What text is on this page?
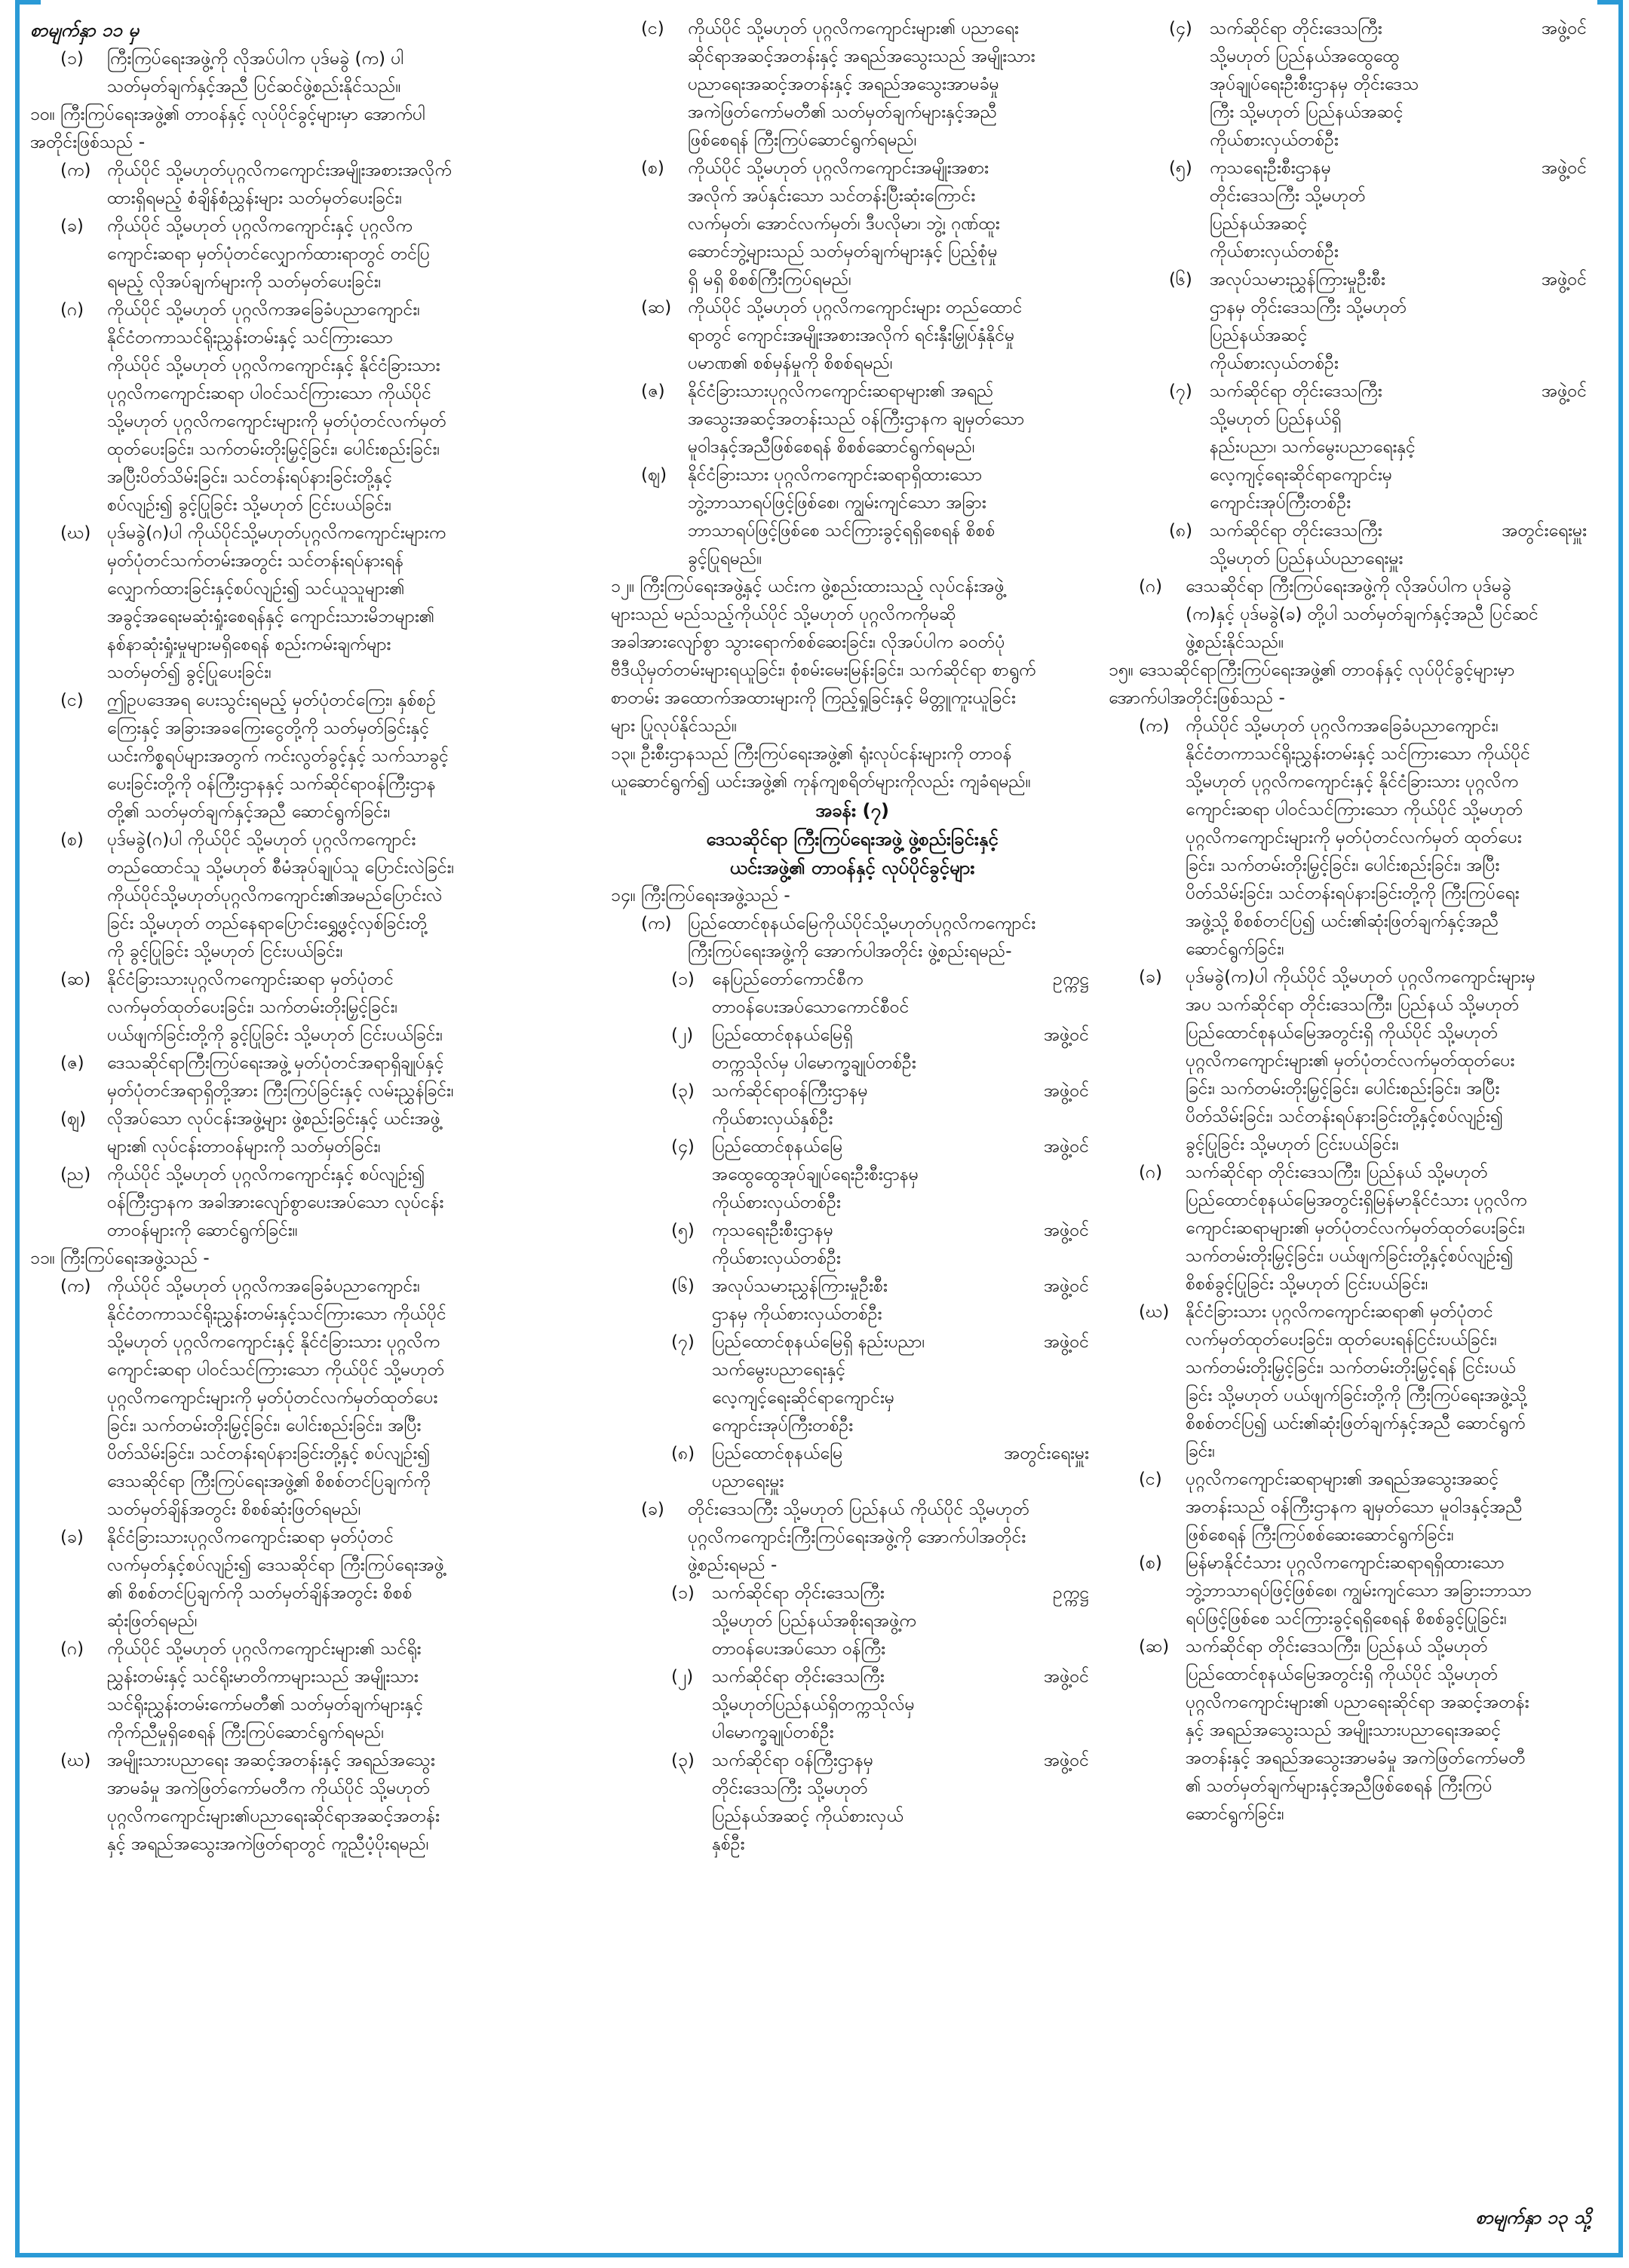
စာမျက်နှာ ၁၁ မှ
(၁)	ကြီးကြပ်ရေးအဖွဲ့ကို လိုအပ်ပါက ပုဒ်မခွဲ (က) ပါ
သတ်မှတ်ချက်နှင့်အညီ ပြင်ဆင်ဖွဲ့စည်းနိုင်သည်။
၁၀။ ကြီးကြပ်ရေးအဖွဲ့၏ တာဝန်နှင့် လုပ်ပိုင်ခွင့်များမှာ အောက်ပါ
အတိုင်းဖြစ်သည် -
(က) ကိုယ်ပိုင် သို့မဟုတ်ပုဂ္ဂလိကကျောင်းအမျိုးအစားအလိုက်
ထားရှိရမည့် စံချိန်စံညွှန်းများ သတ်မှတ်ပေးခြင်း၊
(ခ)	ကိုယ်ပိုင် သို့မဟုတ် ပုဂ္ဂလိကကျောင်းနှင့် ပုဂ္ဂလိက
ကျောင်းဆရာ မှတ်ပုံတင်လျှောက်ထားရာတွင် တင်ပြ
ရမည့် လိုအပ်ချက်များကို သတ်မှတ်ပေးခြင်း၊
(ဂ)	ကိုယ်ပိုင် သို့မဟုတ် ပုဂ္ဂလိကအခြေခံပညာကျောင်း၊
နိုင်ငံတကာသင်ရိုးညွှန်းတမ်းနှင့် သင်ကြားသော
ကိုယ်ပိုင် သို့မဟုတ် ပုဂ္ဂလိကကျောင်းနှင့် နိုင်ငံခြားသား
ပုဂ္ဂလိကကျောင်းဆရာ ပါဝင်သင်ကြားသော ကိုယ်ပိုင်
သို့မဟုတ် ပုဂ္ဂလိကကျောင်းများကို မှတ်ပုံတင်လက်မှတ်
ထုတ်ပေးခြင်း၊ သက်တမ်းတိုးမြှင့်ခြင်း၊ ပေါင်းစည်းခြင်း၊
အပြီးပိတ်သိမ်းခြင်း၊ သင်တန်းရပ်နားခြင်းတို့နှင့်
စပ်လျဉ်း၍ ခွင့်ပြုခြင်း သို့မဟုတ် ငြင်းပယ်ခြင်း၊
(ဃ) ပုဒ်မခွဲ(ဂ)ပါ ကိုယ်ပိုင်သို့မဟုတ်ပုဂ္ဂလိကကျောင်းများက
မှတ်ပုံတင်သက်တမ်းအတွင်း သင်တန်းရပ်နားရန်
လျှောက်ထားခြင်းနှင့်စပ်လျဉ်း၍ သင်ယူသူများ၏
အခွင့်အရေးမဆုံးရှုံးစေရန်နှင့် ကျောင်းသားမိဘများ၏
နစ်နာဆုံးရှုံးမှုများမရှိစေရန် စည်းကမ်းချက်များ
သတ်မှတ်၍ ခွင့်ပြုပေးခြင်း၊
(င)	ဤဥပဒေအရ ပေးသွင်းရမည့် မှတ်ပုံတင်ကြေး၊ နှစ်စဉ်
ကြေးနှင့် အခြားအခကြေးငွေတို့ကို သတ်မှတ်ခြင်းနှင့်
ယင်းကိစ္စရပ်များအတွက် ကင်းလွတ်ခွင့်နှင့် သက်သာခွင့်
ပေးခြင်းတို့ကို ဝန်ကြီးဌာနနှင့် သက်ဆိုင်ရာဝန်ကြီးဌာန
တို့၏ သတ်မှတ်ချက်နှင့်အညီ ဆောင်ရွက်ခြင်း၊
(စ)	ပုဒ်မခွဲ(ဂ)ပါ ကိုယ်ပိုင် သို့မဟုတ် ပုဂ္ဂလိကကျောင်း
တည်ထောင်သူ သို့မဟုတ် စီမံအုပ်ချုပ်သူ ပြောင်းလဲခြင်း၊
ကိုယ်ပိုင်သို့မဟုတ်ပုဂ္ဂလိကကျောင်း၏အမည်ပြောင်းလဲ
ခြင်း သို့မဟုတ် တည်နေရာပြောင်းရွှေ့ဖွင့်လှစ်ခြင်းတို့
ကို ခွင့်ပြုခြင်း သို့မဟုတ် ငြင်းပယ်ခြင်း၊
(ဆ) နိုင်ငံခြားသားပုဂ္ဂလိကကျောင်းဆရာ မှတ်ပုံတင်
လက်မှတ်ထုတ်ပေးခြင်း၊ သက်တမ်းတိုးမြှင့်ခြင်း၊
ပယ်ဖျက်ခြင်းတို့ကို ခွင့်ပြုခြင်း သို့မဟုတ် ငြင်းပယ်ခြင်း၊
(ဇ)	ဒေသဆိုင်ရာကြီးကြပ်ရေးအဖွဲ့ မှတ်ပုံတင်အရာရှိချုပ်နှင့်
မှတ်ပုံတင်အရာရှိတို့အား ကြီးကြပ်ခြင်းနှင့် လမ်းညွှန်ခြင်း၊
(ဈ)	လိုအပ်သော လုပ်ငန်းအဖွဲ့များ ဖွဲ့စည်းခြင်းနှင့် ယင်းအဖွဲ့
များ၏ လုပ်ငန်းတာဝန်များကို သတ်မှတ်ခြင်း၊
(ည) ကိုယ်ပိုင် သို့မဟုတ် ပုဂ္ဂလိကကျောင်းနှင့် စပ်လျဉ်း၍
ဝန်ကြီးဌာနက အခါအားလျော်စွာပေးအပ်သော လုပ်ငန်း
တာဝန်များကို ဆောင်ရွက်ခြင်း။
၁၁။ ကြီးကြပ်ရေးအဖွဲ့သည် -
(က) ကိုယ်ပိုင် သို့မဟုတ် ပုဂ္ဂလိကအခြေခံပညာကျောင်း၊
နိုင်ငံတကာသင်ရိုးညွှန်းတမ်းနှင့်သင်ကြားသော ကိုယ်ပိုင်
သို့မဟုတ် ပုဂ္ဂလိကကျောင်းနှင့် နိုင်ငံခြားသား ပုဂ္ဂလိက
ကျောင်းဆရာ ပါဝင်သင်ကြားသော ကိုယ်ပိုင် သို့မဟုတ်
ပုဂ္ဂလိကကျောင်းများကို မှတ်ပုံတင်လက်မှတ်ထုတ်ပေး
ခြင်း၊ သက်တမ်းတိုးမြှင့်ခြင်း၊ ပေါင်းစည်းခြင်း၊ အပြီး
ပိတ်သိမ်းခြင်း၊ သင်တန်းရပ်နားခြင်းတို့နှင့် စပ်လျဉ်း၍
ဒေသဆိုင်ရာ ကြီးကြပ်ရေးအဖွဲ့၏ စိစစ်တင်ပြချက်ကို
သတ်မှတ်ချိန်အတွင်း စိစစ်ဆုံးဖြတ်ရမည်၊
(ခ)	နိုင်ငံခြားသားပုဂ္ဂလိကကျောင်းဆရာ မှတ်ပုံတင်
လက်မှတ်နှင့်စပ်လျဉ်း၍ ဒေသဆိုင်ရာ ကြီးကြပ်ရေးအဖွဲ့
၏ စိစစ်တင်ပြချက်ကို သတ်မှတ်ချိန်အတွင်း စိစစ်
ဆုံးဖြတ်ရမည်၊
(ဂ)	ကိုယ်ပိုင် သို့မဟုတ် ပုဂ္ဂလိကကျောင်းများ၏ သင်ရိုး
ညွှန်းတမ်းနှင့် သင်ရိုးမာတိကာများသည် အမျိုးသား
သင်ရိုးညွှန်းတမ်းကော်မတီ၏ သတ်မှတ်ချက်များနှင့်
ကိုက်ညီမှုရှိစေရန် ကြီးကြပ်ဆောင်ရွက်ရမည်၊
(ဃ) အမျိုးသားပညာရေး အဆင့်အတန်းနှင့် အရည်အသွေး
အာမခံမှု အကဲဖြတ်ကော်မတီက ကိုယ်ပိုင် သို့မဟုတ်
ပုဂ္ဂလိကကျောင်းများ၏ပညာရေးဆိုင်ရာအဆင့်အတန်း
နှင့် အရည်အသွေးအကဲဖြတ်ရာတွင် ကူညီပံ့ပိုးရမည်၊
(င)	ကိုယ်ပိုင် သို့မဟုတ် ပုဂ္ဂလိကကျောင်းများ၏ ပညာရေး
ဆိုင်ရာအဆင့်အတန်းနှင့် အရည်အသွေးသည် အမျိုးသား
ပညာရေးအဆင့်အတန်းနှင့် အရည်အသွေးအာမခံမှု
အကဲဖြတ်ကော်မတီ၏ သတ်မှတ်ချက်များနှင့်အညီ
ဖြစ်စေရန် ကြီးကြပ်ဆောင်ရွက်ရမည်၊
(စ)	ကိုယ်ပိုင် သို့မဟုတ် ပုဂ္ဂလိကကျောင်းအမျိုးအစား
အလိုက် အပ်နှင်းသော သင်တန်းပြီးဆုံးကြောင်း
လက်မှတ်၊ အောင်လက်မှတ်၊ ဒီပလိုမာ၊ ဘွဲ့၊ ဂုဏ်ထူး
ဆောင်ဘွဲ့များသည် သတ်မှတ်ချက်များနှင့် ပြည့်စုံမှု
ရှိ မရှိ စိစစ်ကြီးကြပ်ရမည်၊
(ဆ) ကိုယ်ပိုင် သို့မဟုတ် ပုဂ္ဂလိကကျောင်းများ တည်ထောင်
ရာတွင် ကျောင်းအမျိုးအစားအလိုက် ရင်းနှီးမြှုပ်နှံနိုင်မှု
ပမာဏ၏ စစ်မှန်မှုကို စိစစ်ရမည်၊
(ဇ)	နိုင်ငံခြားသားပုဂ္ဂလိကကျောင်းဆရာများ၏ အရည်
အသွေးအဆင့်အတန်းသည် ဝန်ကြီးဌာနက ချမှတ်သော
မူဝါဒနှင့်အညီဖြစ်စေရန် စိစစ်ဆောင်ရွက်ရမည်၊
(ဈ)	နိုင်ငံခြားသား ပုဂ္ဂလိကကျောင်းဆရာရှိထားသော
ဘွဲ့ဘာသာရပ်ဖြင့်ဖြစ်စေ၊ ကျွမ်းကျင်သော အခြား
ဘာသာရပ်ဖြင့်ဖြစ်စေ သင်ကြားခွင့်ရရှိစေရန် စိစစ်
ခွင့်ပြုရမည်။
၁၂။ ကြီးကြပ်ရေးအဖွဲ့နှင့် ယင်းက ဖွဲ့စည်းထားသည့် လုပ်ငန်းအဖွဲ့
များသည် မည်သည့်ကိုယ်ပိုင် သို့မဟုတ် ပုဂ္ဂလိကကိုမဆို
အခါအားလျော်စွာ သွားရောက်စစ်ဆေးခြင်း၊ လိုအပ်ပါက ခဝတ်ပုံ
ဗီဒီယိုမှတ်တမ်းများရယူခြင်း၊ စုံစမ်းမေးမြန်းခြင်း၊ သက်ဆိုင်ရာ စာရွက်
စာတမ်း အထောက်အထားများကို ကြည့်ရှုခြင်းနှင့် မိတ္တူကူးယူခြင်း
များ ပြုလုပ်နိုင်သည်။
၁၃။ ဦးစီးဌာနသည် ကြီးကြပ်ရေးအဖွဲ့၏ ရုံးလုပ်ငန်းများကို တာဝန်
ယူဆောင်ရွက်၍ ယင်းအဖွဲ့၏ ကုန်ကျစရိတ်များကိုလည်း ကျခံရမည်။
အခန်း (၇)
ဒေသဆိုင်ရာ ကြီးကြပ်ရေးအဖွဲ့ ဖွဲ့စည်းခြင်းနှင့်
ယင်းအဖွဲ့၏ တာဝန်နှင့် လုပ်ပိုင်ခွင့်များ
၁၄။ ကြီးကြပ်ရေးအဖွဲ့သည် -
(က) ပြည်ထောင်စုနယ်မြေကိုယ်ပိုင်သို့မဟုတ်ပုဂ္ဂလိကကျောင်း
ကြီးကြပ်ရေးအဖွဲ့ကို အောက်ပါအတိုင်း ဖွဲ့စည်းရမည်-
(၁)	နေပြည်တော်ကောင်စီက
တာဝန်ပေးအပ်သောကောင်စီဝင်
ဥက္ကဋ္ဌ
(၂)	ပြည်ထောင်စုနယ်မြေရှိ
တက္ကသိုလ်မှ ပါမောက္ခချုပ်တစ်ဦး
အဖွဲ့ဝင်
(၃)	သက်ဆိုင်ရာဝန်ကြီးဌာနမှ
ကိုယ်စားလှယ်နှစ်ဦး
အဖွဲ့ဝင်
(၄)	ပြည်ထောင်စုနယ်မြေ
အထွေထွေအုပ်ချုပ်ရေးဦးစီးဌာနမှ
ကိုယ်စားလှယ်တစ်ဦး
အဖွဲ့ဝင်
(၅)	ကုသရေးဦးစီးဌာနမှ
ကိုယ်စားလှယ်တစ်ဦး
အဖွဲ့ဝင်
(၆)	အလုပ်သမားညွှန်ကြားမှုဦးစီး
ဌာနမှ ကိုယ်စားလှယ်တစ်ဦး
အဖွဲ့ဝင်
(၇)	ပြည်ထောင်စုနယ်မြေရှိ နည်းပညာ၊
သက်မွေးပညာရေးနှင့်
လေ့ကျင့်ရေးဆိုင်ရာကျောင်းမှ
ကျောင်းအုပ်ကြီးတစ်ဦး
အဖွဲ့ဝင်
(၈) ပြည်ထောင်စုနယ်မြေ
ပညာရေးမှူး
အတွင်းရေးမှူး
(ခ)	တိုင်းဒေသကြီး သို့မဟုတ် ပြည်နယ် ကိုယ်ပိုင် သို့မဟုတ်
ပုဂ္ဂလိကကျောင်းကြီးကြပ်ရေးအဖွဲ့ကို အောက်ပါအတိုင်း
ဖွဲ့စည်းရမည် -
(၁)	သက်ဆိုင်ရာ တိုင်းဒေသကြီး
သို့မဟုတ် ပြည်နယ်အစိုးရအဖွဲ့က
တာဝန်ပေးအပ်သော ဝန်ကြီး
ဥက္ကဋ္ဌ
(၂)	သက်ဆိုင်ရာ တိုင်းဒေသကြီး
သို့မဟုတ်ပြည်နယ်ရှိတက္ကသိုလ်မှ
ပါမောက္ခချုပ်တစ်ဦး
အဖွဲ့ဝင်
(၃)	သက်ဆိုင်ရာ ဝန်ကြီးဌာနမှ
တိုင်းဒေသကြီး သို့မဟုတ်
ပြည်နယ်အဆင့် ကိုယ်စားလှယ်
နှစ်ဦး
အဖွဲ့ဝင်
(၄)	သက်ဆိုင်ရာ တိုင်းဒေသကြီး
သို့မဟုတ် ပြည်နယ်အထွေထွေ
အုပ်ချုပ်ရေးဦးစီးဌာနမှ တိုင်းဒေသ
ကြီး သို့မဟုတ် ပြည်နယ်အဆင့်
ကိုယ်စားလှယ်တစ်ဦး
အဖွဲ့ဝင်
(၅)	ကုသရေးဦးစီးဌာနမှ
တိုင်းဒေသကြီး သို့မဟုတ်
ပြည်နယ်အဆင့်
ကိုယ်စားလှယ်တစ်ဦး
အဖွဲ့ဝင်
(၆)	အလုပ်သမားညွှန်ကြားမှုဦးစီး
ဌာနမှ တိုင်းဒေသကြီး သို့မဟုတ်
ပြည်နယ်အဆင့်
ကိုယ်စားလှယ်တစ်ဦး
အဖွဲ့ဝင်
(၇)	သက်ဆိုင်ရာ တိုင်းဒေသကြီး
သို့မဟုတ် ပြည်နယ်ရှိ
နည်းပညာ၊ သက်မွေးပညာရေးနှင့်
လေ့ကျင့်ရေးဆိုင်ရာကျောင်းမှ
ကျောင်းအုပ်ကြီးတစ်ဦး
အဖွဲ့ဝင်
(၈) သက်ဆိုင်ရာ တိုင်းဒေသကြီး
သို့မဟုတ် ပြည်နယ်ပညာရေးမှူး
အတွင်းရေးမှူး
(ဂ)	ဒေသဆိုင်ရာ ကြီးကြပ်ရေးအဖွဲ့ကို လိုအပ်ပါက ပုဒ်မခွဲ
(က)နှင့် ပုဒ်မခွဲ(ခ) တို့ပါ သတ်မှတ်ချက်နှင့်အညီ ပြင်ဆင်
ဖွဲ့စည်းနိုင်သည်။
၁၅။ ဒေသဆိုင်ရာကြီးကြပ်ရေးအဖွဲ့၏ တာဝန်နှင့် လုပ်ပိုင်ခွင့်များမှာ
အောက်ပါအတိုင်းဖြစ်သည် -
(က) ကိုယ်ပိုင် သို့မဟုတ် ပုဂ္ဂလိကအခြေခံပညာကျောင်း၊
နိုင်ငံတကာသင်ရိုးညွှန်းတမ်းနှင့် သင်ကြားသော ကိုယ်ပိုင်
သို့မဟုတ် ပုဂ္ဂလိကကျောင်းနှင့် နိုင်ငံခြားသား ပုဂ္ဂလိက
ကျောင်းဆရာ ပါဝင်သင်ကြားသော ကိုယ်ပိုင် သို့မဟုတ်
ပုဂ္ဂလိကကျောင်းများကို မှတ်ပုံတင်လက်မှတ် ထုတ်ပေး
ခြင်း၊ သက်တမ်းတိုးမြှင့်ခြင်း၊ ပေါင်းစည်းခြင်း၊ အပြီး
ပိတ်သိမ်းခြင်း၊ သင်တန်းရပ်နားခြင်းတို့ကို ကြီးကြပ်ရေး
အဖွဲ့သို့ စိစစ်တင်ပြ၍ ယင်း၏ဆုံးဖြတ်ချက်နှင့်အညီ
ဆောင်ရွက်ခြင်း၊
(ခ)	ပုဒ်မခွဲ(က)ပါ ကိုယ်ပိုင် သို့မဟုတ် ပုဂ္ဂလိကကျောင်းများမှ
အပ သက်ဆိုင်ရာ တိုင်းဒေသကြီး၊ ပြည်နယ် သို့မဟုတ်
ပြည်ထောင်စုနယ်မြေအတွင်းရှိ ကိုယ်ပိုင် သို့မဟုတ်
ပုဂ္ဂလိကကျောင်းများ၏ မှတ်ပုံတင်လက်မှတ်ထုတ်ပေး
ခြင်း၊ သက်တမ်းတိုးမြှင့်ခြင်း၊ ပေါင်းစည်းခြင်း၊ အပြီး
ပိတ်သိမ်းခြင်း၊ သင်တန်းရပ်နားခြင်းတို့နှင့်စပ်လျဉ်း၍
ခွင့်ပြုခြင်း သို့မဟုတ် ငြင်းပယ်ခြင်း၊
(ဂ)	သက်ဆိုင်ရာ တိုင်းဒေသကြီး၊ ပြည်နယ် သို့မဟုတ်
ပြည်ထောင်စုနယ်မြေအတွင်းရှိမြန်မာနိုင်ငံသား ပုဂ္ဂလိက
ကျောင်းဆရာများ၏ မှတ်ပုံတင်လက်မှတ်ထုတ်ပေးခြင်း၊
သက်တမ်းတိုးမြှင့်ခြင်း၊ ပယ်ဖျက်ခြင်းတို့နှင့်စပ်လျဉ်း၍
စိစစ်ခွင့်ပြုခြင်း သို့မဟုတ် ငြင်းပယ်ခြင်း၊
(ဃ) နိုင်ငံခြားသား ပုဂ္ဂလိကကျောင်းဆရာ၏ မှတ်ပုံတင်
လက်မှတ်ထုတ်ပေးခြင်း၊ ထုတ်ပေးရန်ငြင်းပယ်ခြင်း၊
သက်တမ်းတိုးမြှင့်ခြင်း၊ သက်တမ်းတိုးမြှင့်ရန် ငြင်းပယ်
ခြင်း သို့မဟုတ် ပယ်ဖျက်ခြင်းတို့ကို ကြီးကြပ်ရေးအဖွဲ့သို့
စိစစ်တင်ပြ၍ ယင်း၏ဆုံးဖြတ်ချက်နှင့်အညီ ဆောင်ရွက်
ခြင်း၊
(င)	ပုဂ္ဂလိကကျောင်းဆရာများ၏ အရည်အသွေးအဆင့်
အတန်းသည် ဝန်ကြီးဌာနက ချမှတ်သော မူဝါဒနှင့်အညီ
ဖြစ်စေရန် ကြီးကြပ်စစ်ဆေးဆောင်ရွက်ခြင်း၊
(စ)	မြန်မာနိုင်ငံသား ပုဂ္ဂလိကကျောင်းဆရာရရှိထားသော
ဘွဲ့ဘာသာရပ်ဖြင့်ဖြစ်စေ၊ ကျွမ်းကျင်သော အခြားဘာသာ
ရပ်ဖြင့်ဖြစ်စေ သင်ကြားခွင့်ရရှိစေရန် စိစစ်ခွင့်ပြုခြင်း၊
(ဆ) သက်ဆိုင်ရာ တိုင်းဒေသကြီး၊ ပြည်နယ် သို့မဟုတ်
ပြည်ထောင်စုနယ်မြေအတွင်းရှိ ကိုယ်ပိုင် သို့မဟုတ်
ပုဂ္ဂလိကကျောင်းများ၏ ပညာရေးဆိုင်ရာ အဆင့်အတန်း
နှင့် အရည်အသွေးသည် အမျိုးသားပညာရေးအဆင့်
အတန်းနှင့် အရည်အသွေးအာမခံမှု အကဲဖြတ်ကော်မတီ
၏ သတ်မှတ်ချက်များနှင့်အညီဖြစ်စေရန် ကြီးကြပ်
ဆောင်ရွက်ခြင်း၊
စာမျက်နှာ ၁၃ သို့
